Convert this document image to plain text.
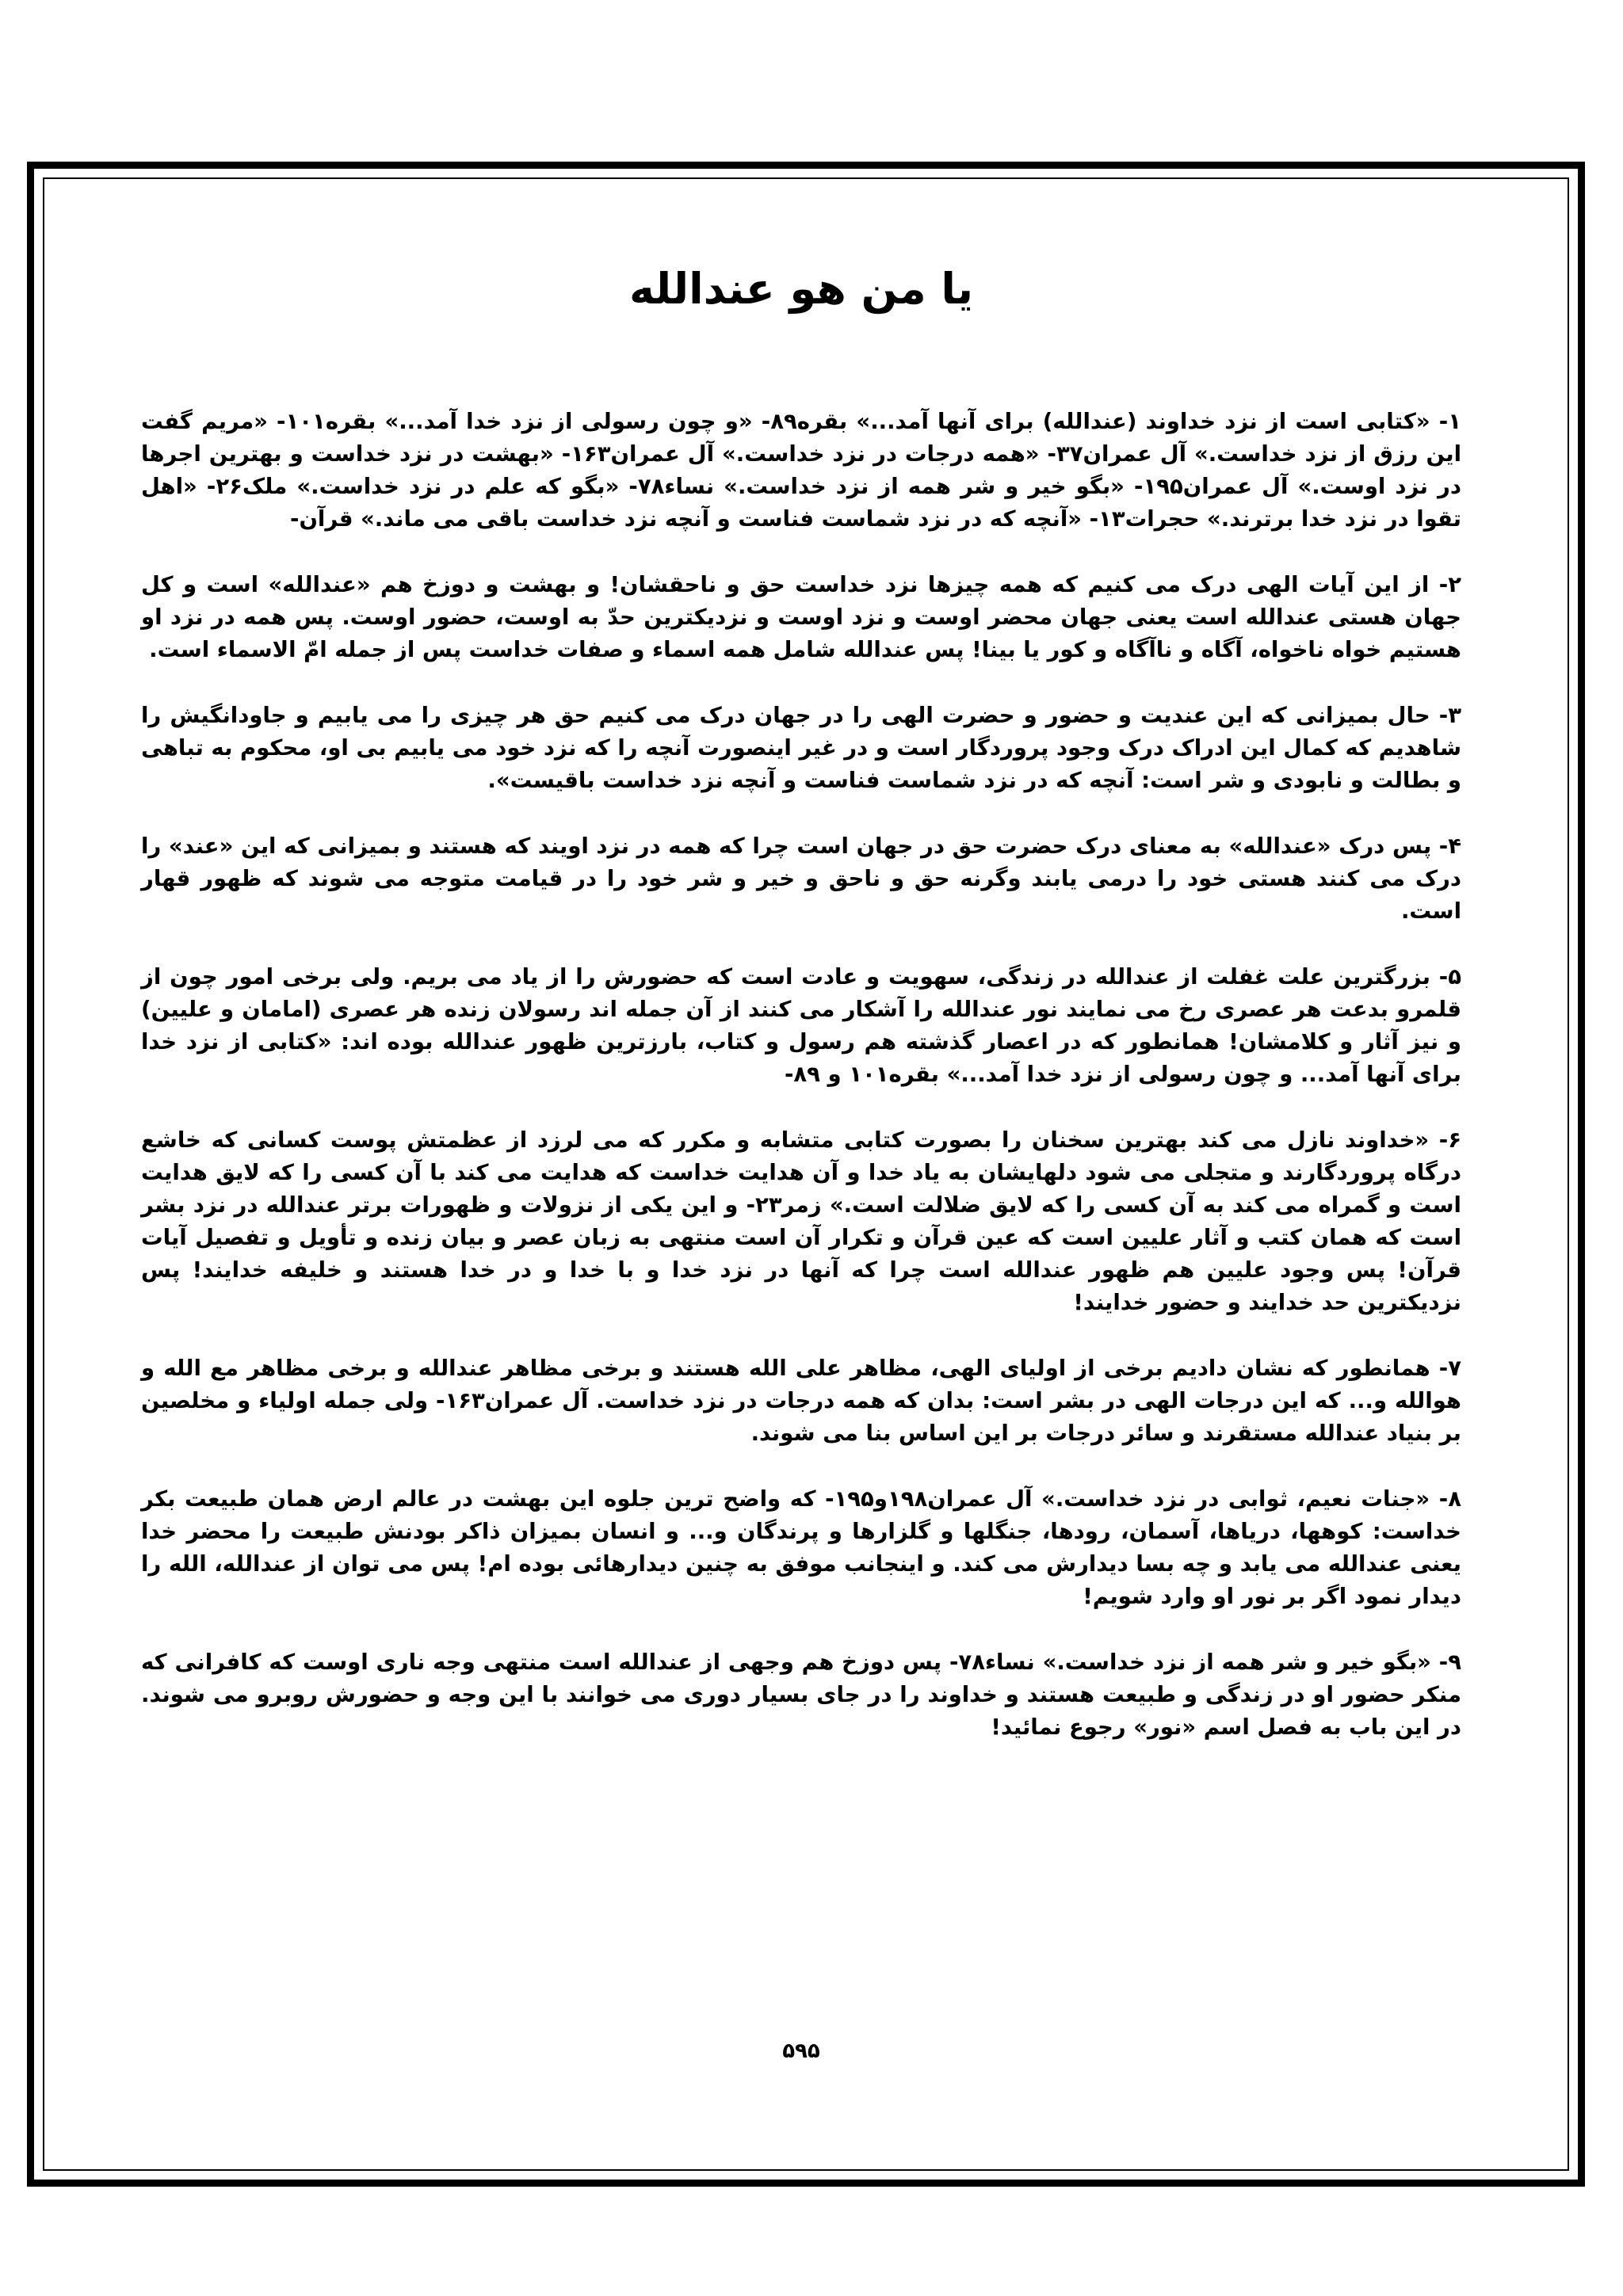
یا من هو عندالله

۱- «کتابی است از نزد خداوند (عندالله) برای آنها آمد...» بقره۸۹- «و چون رسولی از نزد خدا آمد...» بقره۱۰۱- «مریم گفت این رزق از نزد خداست.» آل عمران۳۷- «همه درجات در نزد خداست.» آل عمران۱۶۳- «بهشت در نزد خداست و بهترین اجرها در نزد اوست.» آل عمران۱۹۵- «بگو خیر و شر همه از نزد خداست.» نساء۷۸- «بگو که علم در نزد خداست.» ملک۲۶- «اهل تقوا در نزد خدا برترند.» حجرات۱۳- «آنچه که در نزد شماست فناست و آنچه نزد خداست باقی می ماند.» قرآن-

۲- از این آیات الهی درک می کنیم که همه چیزها نزد خداست حق و ناحقشان! و بهشت و دوزخ هم «عندالله» است و کل جهان هستی عندالله است یعنی جهان محضر اوست و نزد اوست و نزدیکترین حدّ به اوست، حضور اوست. پس همه در نزد او هستیم خواه ناخواه، آگاه و ناآگاه و کور یا بینا! پس عندالله شامل همه اسماء و صفات خداست پس از جمله امّ الاسماء است.

۳- حال بمیزانی که این عندیت و حضور و حضرت الهی را در جهان درک می کنیم حق هر چیزی را می یابیم و جاودانگیش را شاهدیم که کمال این ادراک درک وجود پروردگار است و در غیر اینصورت آنچه را که نزد خود می یابیم بی او، محکوم به تباهی و بطالت و نابودی و شر است: آنچه که در نزد شماست فناست و آنچه نزد خداست باقیست».

۴- پس درک «عندالله» به معنای درک حضرت حق در جهان است چرا که همه در نزد اویند که هستند و بمیزانی که این «عند» را درک می کنند هستی خود را درمی یابند وگرنه حق و ناحق و خیر و شر خود را در قیامت متوجه می شوند که ظهور قهار است.

۵- بزرگترین علت غفلت از عندالله در زندگی، سهویت و عادت است که حضورش را از یاد می بریم. ولی برخی امور چون از قلمرو بدعت هر عصری رخ می نمایند نور عندالله را آشکار می کنند از آن جمله اند رسولان زنده هر عصری (امامان و علیین) و نیز آثار و کلامشان! همانطور که در اعصار گذشته هم رسول و کتاب، بارزترین ظهور عندالله بوده اند: «کتابی از نزد خدا برای آنها آمد... و چون رسولی از نزد خدا آمد...» بقره۱۰۱ و ۸۹-

۶- «خداوند نازل می کند بهترین سخنان را بصورت کتابی متشابه و مکرر که می لرزد از عظمتش پوست کسانی که خاشع درگاه پروردگارند و متجلی می شود دلهایشان به یاد خدا و آن هدایت خداست که هدایت می کند با آن کسی را که لایق هدایت است و گمراه می کند به آن کسی را که لایق ضلالت است.» زمر۲۳- و این یکی از نزولات و ظهورات برتر عندالله در نزد بشر است که همان کتب و آثار علیین است که عین قرآن و تکرار آن است منتهی به زبان عصر و بیان زنده و تأویل و تفصیل آیات قرآن! پس وجود علیین هم ظهور عندالله است چرا که آنها در نزد خدا و با خدا و در خدا هستند و خلیفه خدایند! پس نزدیکترین حد خدایند و حضور خدایند!

۷- همانطور که نشان دادیم برخی از اولیای الهی، مظاهر علی الله هستند و برخی مظاهر عندالله و برخی مظاهر مع الله و هوالله و... که این درجات الهی در بشر است: بدان که همه درجات در نزد خداست. آل عمران۱۶۳- ولی جمله اولیاء و مخلصین بر بنیاد عندالله مستقرند و سائر درجات بر این اساس بنا می شوند.

۸- «جنات نعیم، ثوابی در نزد خداست.» آل عمران۱۹۸و۱۹۵- که واضح ترین جلوه این بهشت در عالم ارض همان طبیعت بکر خداست: کوهها، دریاها، آسمان، رودها، جنگلها و گلزارها و پرندگان و... و انسان بمیزان ذاکر بودنش طبیعت را محضر خدا یعنی عندالله می یابد و چه بسا دیدارش می کند. و اینجانب موفق به چنین دیدارهائی بوده ام! پس می توان از عندالله، الله را دیدار نمود اگر بر نور او وارد شویم!

۹- «بگو خیر و شر همه از نزد خداست.» نساء۷۸- پس دوزخ هم وجهی از عندالله است منتهی وجه ناری اوست که کافرانی که منکر حضور او در زندگی و طبیعت هستند و خداوند را در جای بسیار دوری می خوانند با این وجه و حضورش روبرو می شوند. در این باب به فصل اسم «نور» رجوع نمائید!

۵۹۵
